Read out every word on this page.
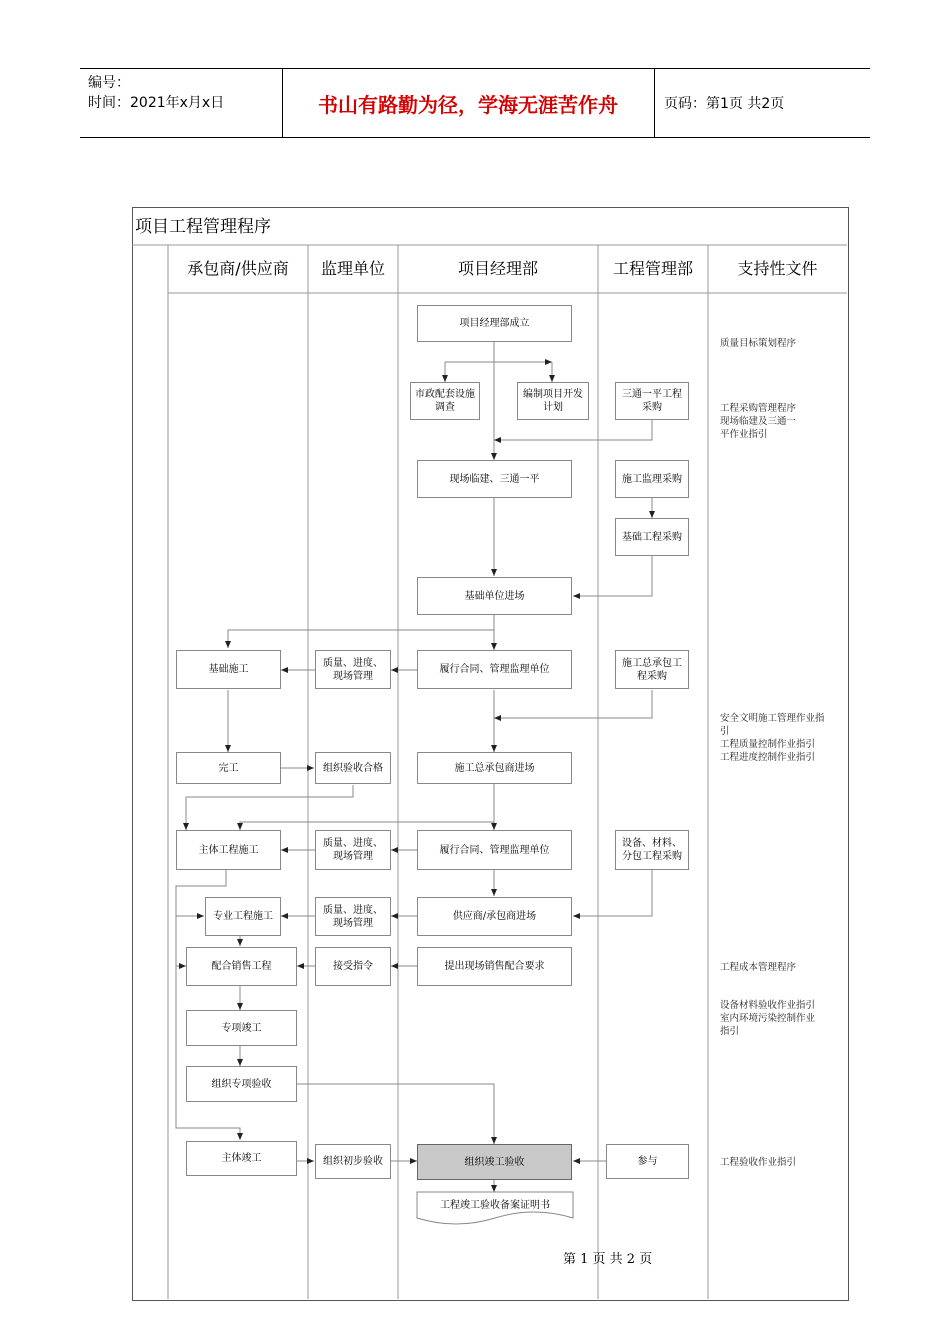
编号：
时间：2021年x月x日	书山有路勤为径，学海无涯苦作舟	页码：第1页 共2页
项目工程管理程序
承包商/供应商	监理单位	项目经理部	工程管理部	支持性文件
项目经理部成立
市政配套设施
调查
编制项目开发
计划
三通一平工程
采购
现场临建、三通一平	施工监理采购
基础工程采购
基础单位进场
基础施工
质量、进度、
现场管理
履行合同、管理监理单位
施工总承包工
程采购
完工	组织验收合格	施工总承包商进场
主体工程施工
质量、进度、
现场管理
履行合同、管理监理单位
设备、材料、
分包工程采购
专业工程施工
质量、进度、
现场管理
供应商/承包商进场
配合销售工程	接受指令	提出现场销售配合要求
专项竣工
组织专项验收
主体竣工	组织初步验收	组织竣工验收	参与
工程竣工验收备案证明书
质量目标策划程序
工程采购管理程序
现场临建及三通一
平作业指引
安全文明施工管理作业指
引
工程质量控制作业指引
工程进度控制作业指引
工程成本管理程序
设备材料验收作业指引
室内环境污染控制作业
指引
工程验收作业指引
第 1 页 共 2 页
